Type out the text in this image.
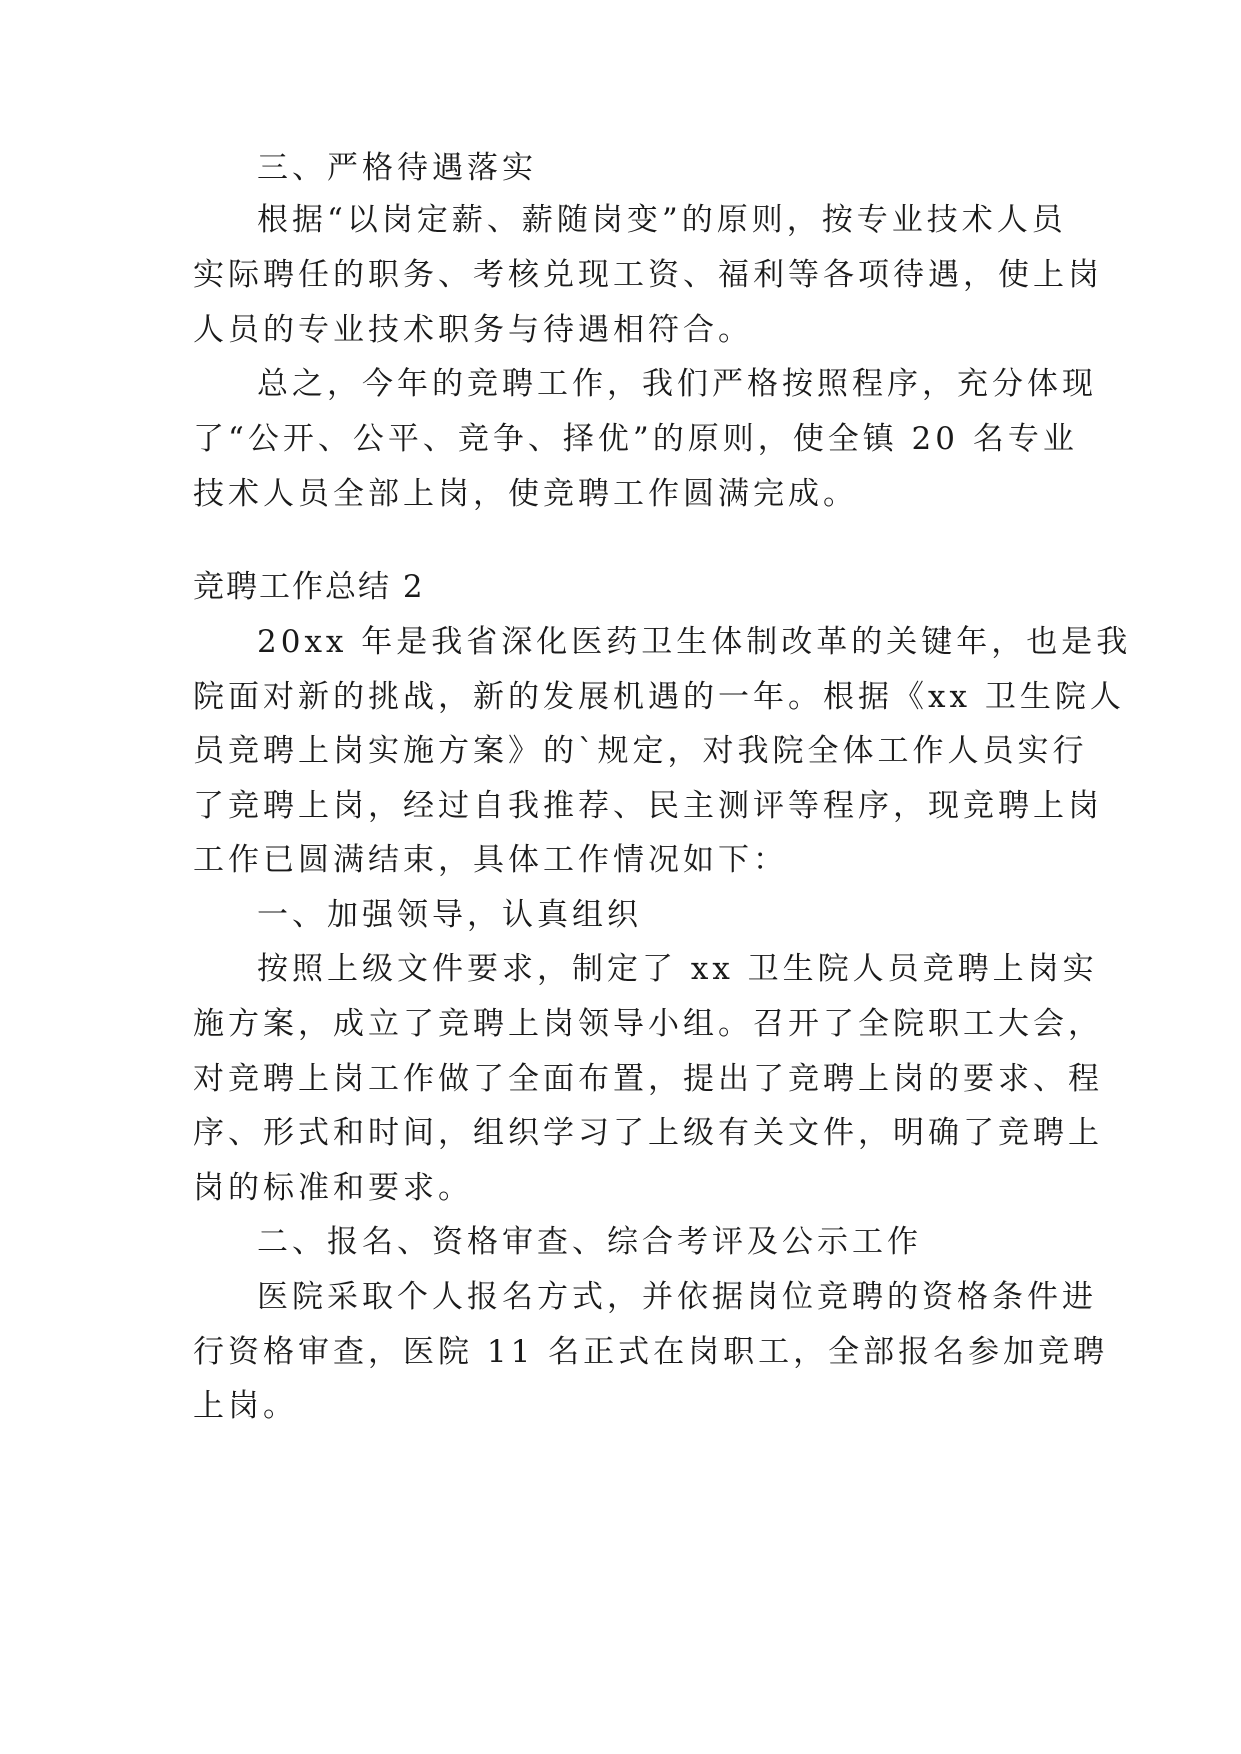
三、严格待遇落实

根据“以岗定薪、薪随岗变”的原则，按专业技术人员

实际聘任的职务、考核兑现工资、福利等各项待遇，使上岗

人员的专业技术职务与待遇相符合。

总之，今年的竞聘工作，我们严格按照程序，充分体现

了“公开、公平、竞争、择优”的原则，使全镇 20 名专业

技术人员全部上岗，使竞聘工作圆满完成。

竞聘工作总结 2

20xx 年是我省深化医药卫生体制改革的关键年，也是我

院面对新的挑战，新的发展机遇的一年。根据《xx 卫生院人

员竞聘上岗实施方案》的`规定，对我院全体工作人员实行

了竞聘上岗，经过自我推荐、民主测评等程序，现竞聘上岗

工作已圆满结束，具体工作情况如下：

一、加强领导，认真组织

按照上级文件要求，制定了 xx 卫生院人员竞聘上岗实

施方案，成立了竞聘上岗领导小组。召开了全院职工大会，

对竞聘上岗工作做了全面布置，提出了竞聘上岗的要求、程

序、形式和时间，组织学习了上级有关文件，明确了竞聘上

岗的标准和要求。

二、报名、资格审查、综合考评及公示工作

医院采取个人报名方式，并依据岗位竞聘的资格条件进

行资格审查，医院 11 名正式在岗职工，全部报名参加竞聘

上岗。
